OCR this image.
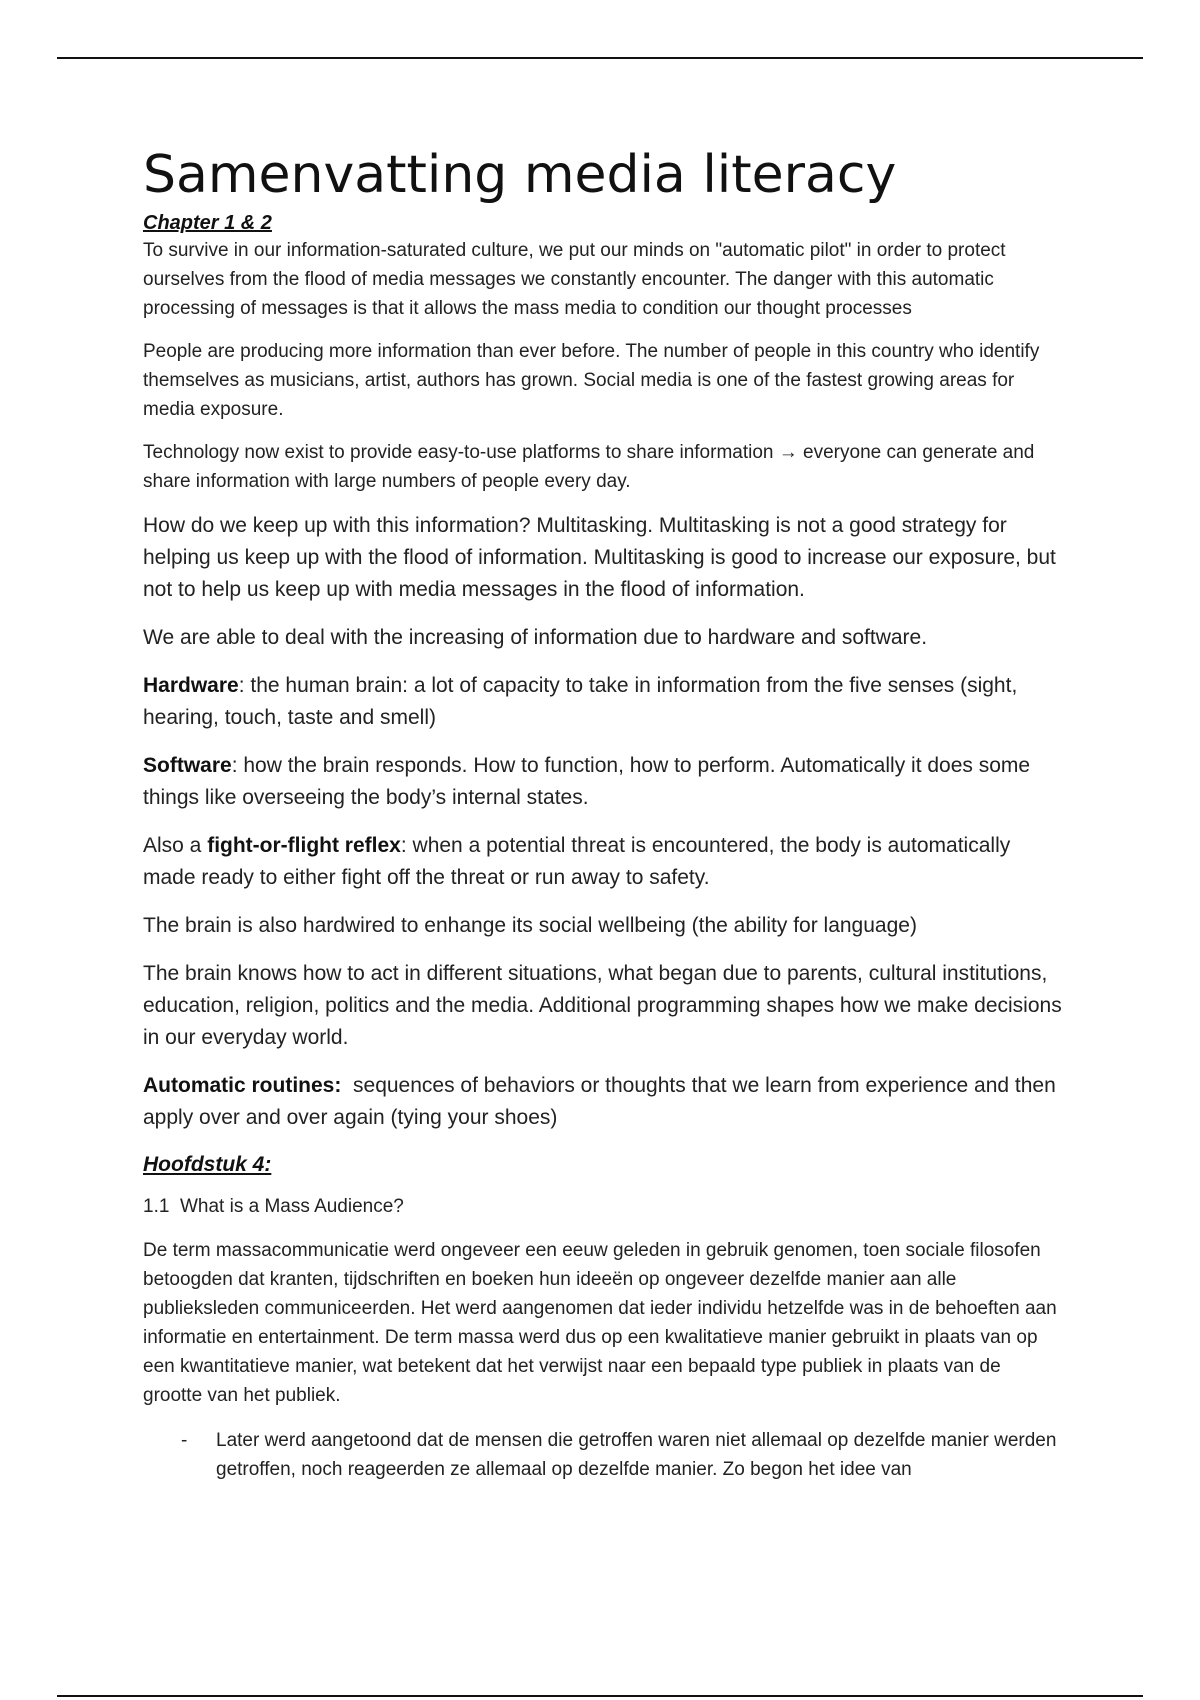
Samenvatting media literacy
Chapter 1 & 2

To survive in our information-saturated culture, we put our minds on "automatic pilot" in order to protect ourselves from the flood of media messages we constantly encounter. The danger with this automatic processing of messages is that it allows the mass media to condition our thought processes

People are producing more information than ever before. The number of people in this country who identify themselves as musicians, artist, authors has grown. Social media is one of the fastest growing areas for media exposure.

Technology now exist to provide easy-to-use platforms to share information → everyone can generate and share information with large numbers of people every day.

How do we keep up with this information? Multitasking. Multitasking is not a good strategy for helping us keep up with the flood of information. Multitasking is good to increase our exposure, but not to help us keep up with media messages in the flood of information.

We are able to deal with the increasing of information due to hardware and software.

Hardware: the human brain: a lot of capacity to take in information from the five senses (sight, hearing, touch, taste and smell)

Software: how the brain responds. How to function, how to perform. Automatically it does some things like overseeing the body’s internal states.

Also a fight-or-flight reflex: when a potential threat is encountered, the body is automatically made ready to either fight off the threat or run away to safety.

The brain is also hardwired to enhange its social wellbeing (the ability for language)

The brain knows how to act in different situations, what began due to parents, cultural institutions, education, religion, politics and the media. Additional programming shapes how we make decisions in our everyday world.

Automatic routines:  sequences of behaviors or thoughts that we learn from experience and then apply over and over again (tying your shoes)

Hoofdstuk 4:
1.1  What is a Mass Audience?

De term massacommunicatie werd ongeveer een eeuw geleden in gebruik genomen, toen sociale filosofen betoogden dat kranten, tijdschriften en boeken hun ideeën op ongeveer dezelfde manier aan alle publieksleden communiceerden. Het werd aangenomen dat ieder individu hetzelfde was in de behoeften aan informatie en entertainment. De term massa werd dus op een kwalitatieve manier gebruikt in plaats van op een kwantitatieve manier, wat betekent dat het verwijst naar een bepaald type publiek in plaats van de grootte van het publiek.

- Later werd aangetoond dat de mensen die getroffen waren niet allemaal op dezelfde manier werden getroffen, noch reageerden ze allemaal op dezelfde manier. Zo begon het idee van
